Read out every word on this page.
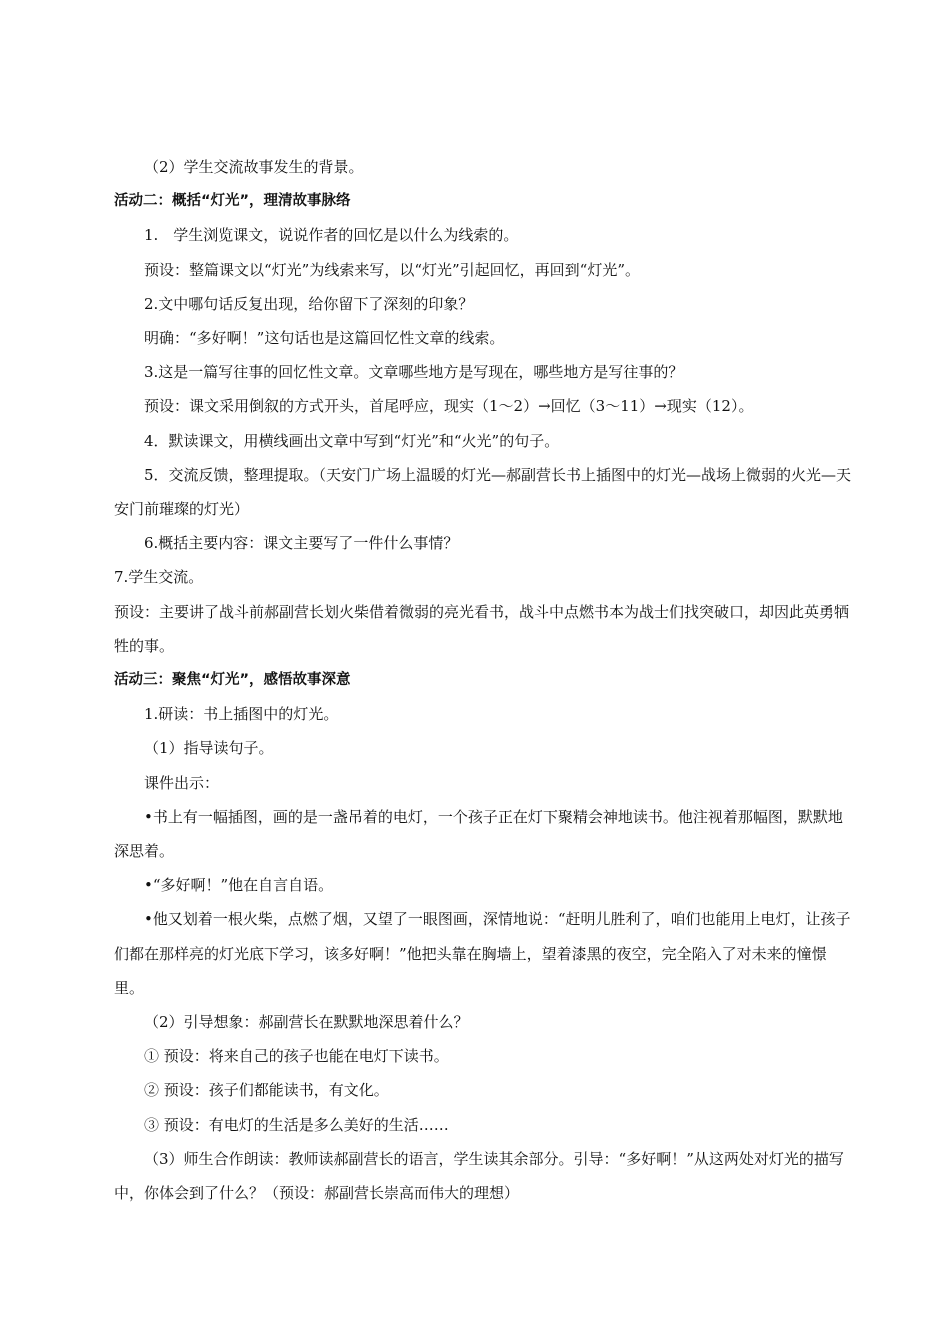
（2）学生交流故事发生的背景。

活动二：概括“灯光”，理清故事脉络

1.　学生浏览课文，说说作者的回忆是以什么为线索的。

预设：整篇课文以“灯光”为线索来写，以“灯光”引起回忆，再回到“灯光”。

2.文中哪句话反复出现，给你留下了深刻的印象？

明确：“多好啊！”这句话也是这篇回忆性文章的线索。

3.这是一篇写往事的回忆性文章。文章哪些地方是写现在，哪些地方是写往事的？

预设：课文采用倒叙的方式开头，首尾呼应，现实（1～2）→回忆（3～11）→现实（12）。

4．默读课文，用横线画出文章中写到“灯光”和“火光”的句子。

5．交流反馈，整理提取。（天安门广场上温暖的灯光—郝副营长书上插图中的灯光—战场上微弱的火光—天安门前璀璨的灯光）

6.概括主要内容：课文主要写了一件什么事情？

7.学生交流。

预设：主要讲了战斗前郝副营长划火柴借着微弱的亮光看书，战斗中点燃书本为战士们找突破口，却因此英勇牺牲的事。

活动三：聚焦“灯光”，感悟故事深意

1.研读：书上插图中的灯光。

（1）指导读句子。

课件出示：

•书上有一幅插图，画的是一盏吊着的电灯，一个孩子正在灯下聚精会神地读书。他注视着那幅图，默默地深思着。

•“多好啊！”他在自言自语。

•他又划着一根火柴，点燃了烟，又望了一眼图画，深情地说：“赶明儿胜利了，咱们也能用上电灯，让孩子们都在那样亮的灯光底下学习，该多好啊！”他把头靠在胸墙上，望着漆黑的夜空，完全陷入了对未来的憧憬里。

（2）引导想象：郝副营长在默默地深思着什么？

① 预设：将来自己的孩子也能在电灯下读书。

② 预设：孩子们都能读书，有文化。

③ 预设：有电灯的生活是多么美好的生活……

（3）师生合作朗读：教师读郝副营长的语言，学生读其余部分。引导：“多好啊！”从这两处对灯光的描写中，你体会到了什么？（预设：郝副营长崇高而伟大的理想）
